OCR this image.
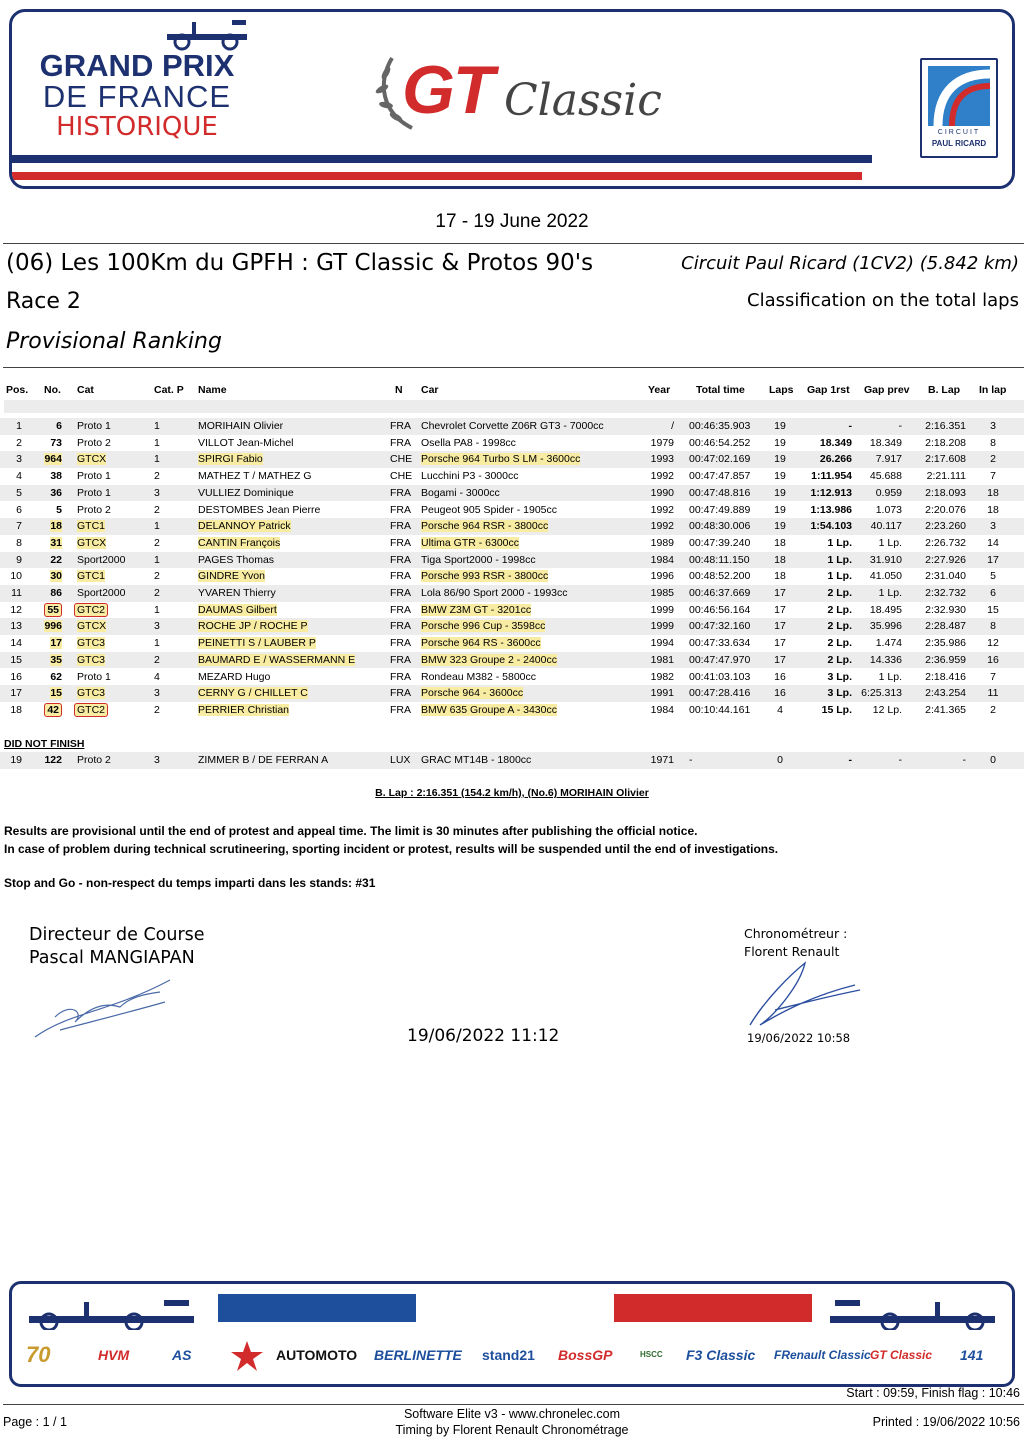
GRAND PRIX
DE FRANCE
HISTORIQUE	GT Classic
CIRCUIT
PAUL RICARD
17 - 19 June 2022
(06) Les 100Km du GPFH : GT Classic & Protos 90's	Circuit Paul Ricard (1CV2) (5.842 km)
Race 2	Classification on the total laps
Provisional Ranking
Pos. No. Cat	Cat. P Name	N Car	Year Total time Laps Gap 1rst Gap prev B. Lap In lap
1	6 Proto 1	1	MORIHAIN Olivier	FRA Chevrolet Corvette Z06R GT3 - 7000cc	/ 00:46:35.903	19	-	-	2:16.351	3
2	73 Proto 2	1	VILLOT Jean-Michel	FRA Osella PA8 - 1998cc	1979 00:46:54.252	19	18.349	18.349	2:18.208	8
3	964 GTCX	1	SPIRGI Fabio	CHE Porsche 964 Turbo S LM - 3600cc	1993 00:47:02.169	19	26.266	7.917	2:17.608	2
4	38 Proto 1	2	MATHEZ T / MATHEZ G	CHE Lucchini P3 - 3000cc	1992 00:47:47.857	19	1:11.954	45.688	2:21.111	7
5	36 Proto 1	3	VULLIEZ Dominique	FRA Bogami - 3000cc	1990 00:47:48.816	19	1:12.913	0.959	2:18.093	18
6	5 Proto 2	2	DESTOMBES Jean Pierre	FRA Peugeot 905 Spider - 1905cc	1992 00:47:49.889	19	1:13.986	1.073	2:20.076	18
7	18 GTC1	1	DELANNOY Patrick	FRA Porsche 964 RSR - 3800cc	1992 00:48:30.006	19	1:54.103	40.117	2:23.260	3
8	31 GTCX	2	CANTIN François	FRA Ultima GTR - 6300cc	1989 00:47:39.240	18	1 Lp.	1 Lp.	2:26.732	14
9	22 Sport2000	1	PAGES Thomas	FRA Tiga Sport2000 - 1998cc	1984 00:48:11.150	18	1 Lp.	31.910	2:27.926	17
10	30 GTC1	2	GINDRE Yvon	FRA Porsche 993 RSR - 3800cc	1996 00:48:52.200	18	1 Lp.	41.050	2:31.040	5
11	86 Sport2000	2	YVAREN Thierry	FRA Lola 86/90 Sport 2000 - 1993cc	1985 00:46:37.669	17	2 Lp.	1 Lp.	2:32.732	6
12	55 GTC2	1	DAUMAS Gilbert	FRA BMW Z3M GT - 3201cc	1999 00:46:56.164	17	2 Lp.	18.495	2:32.930	15
13	996 GTCX	3	ROCHE JP / ROCHE P	FRA Porsche 996 Cup - 3598cc	1999 00:47:32.160	17	2 Lp.	35.996	2:28.487	8
14	17 GTC3	1	PEINETTI S / LAUBER P	FRA Porsche 964 RS - 3600cc	1994 00:47:33.634	17	2 Lp.	1.474	2:35.986	12
15	35 GTC3	2	BAUMARD E / WASSERMANN E	FRA BMW 323 Groupe 2 - 2400cc	1981 00:47:47.970	17	2 Lp.	14.336	2:36.959	16
16	62 Proto 1	4	MEZARD Hugo	FRA Rondeau M382 - 5800cc	1982 00:41:03.103	16	3 Lp.	1 Lp.	2:18.416	7
17	15 GTC3	3	CERNY G / CHILLET C	FRA Porsche 964 - 3600cc	1991 00:47:28.416	16	3 Lp. 6:25.313	2:43.254	11
18	42 GTC2	2	PERRIER Christian	FRA BMW 635 Groupe A - 3430cc	1984 00:10:44.161	4	15 Lp.	12 Lp.	2:41.365	2
DID NOT FINISH
19	122 Proto 2	3	ZIMMER B / DE FERRAN A	LUX	GRAC MT14B - 1800cc	1971 -	0	-	-	-	0
B. Lap : 2:16.351 (154.2 km/h), (No.6) MORIHAIN Olivier
Results are provisional until the end of protest and appeal time. The limit is 30 minutes after publishing the official notice.
In case of problem during technical scrutineering, sporting incident or protest, results will be suspended until the end of investigations.
Stop and Go - non-respect du temps imparti dans les stands: #31
Directeur de Course
Pascal MANGIAPAN
19/06/2022 11:12
Chronométreur :
Florent Renault
19/06/2022 10:58
70	HVM	AS	AUTOMOTO BERLINETTE stand21 BossGP	HSCC F3 Classic FRenault Classic GT Classic 141
Start : 09:59, Finish flag : 10:46
Page : 1 / 1
Software Elite v3 - www.chronelec.com
Timing by Florent Renault Chronométrage
Printed : 19/06/2022 10:56
